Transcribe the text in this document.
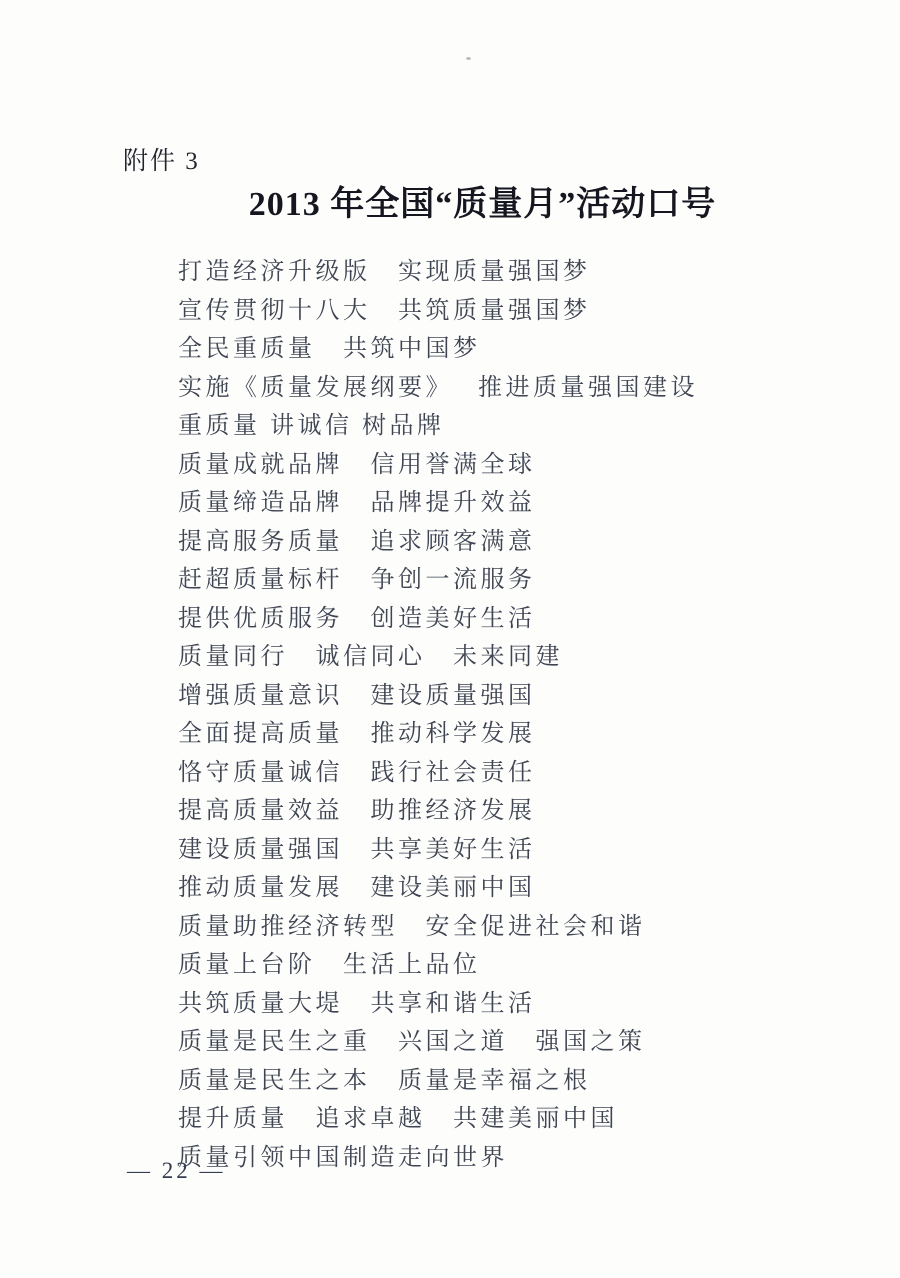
附件 3
2013 年全国“质量月”活动口号
打造经济升级版　实现质量强国梦
宣传贯彻十八大　共筑质量强国梦
全民重质量　共筑中国梦
实施《质量发展纲要》　 推进质量强国建设
重质量 讲诚信 树品牌
质量成就品牌　信用誉满全球
质量缔造品牌　品牌提升效益
提高服务质量　追求顾客满意
赶超质量标杆　争创一流服务
提供优质服务　创造美好生活
质量同行　诚信同心　未来同建
增强质量意识　建设质量强国
全面提高质量　推动科学发展
恪守质量诚信　践行社会责任
提高质量效益　助推经济发展
建设质量强国　共享美好生活
推动质量发展　建设美丽中国
质量助推经济转型　安全促进社会和谐
质量上台阶　生活上品位
共筑质量大堤　共享和谐生活
质量是民生之重　兴国之道　强国之策
质量是民生之本　质量是幸福之根
提升质量　追求卓越　共建美丽中国
质量引领中国制造走向世界
— 22 —
